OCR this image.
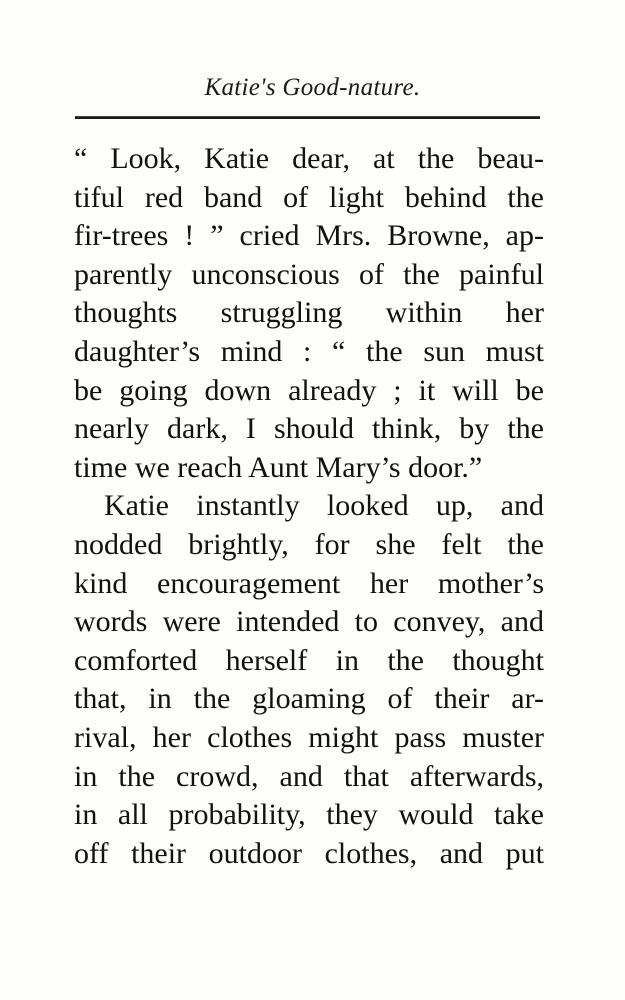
Katie's Good-nature.
“ Look, Katie dear, at the beau-
tiful red band of light behind the
fir-trees ! ” cried Mrs. Browne, ap-
parently unconscious of the painful
thoughts struggling within her
daughter’s mind : “ the sun must
be going down already ; it will be
nearly dark, I should think, by the
time we reach Aunt Mary’s door.”
Katie instantly looked up, and
nodded brightly, for she felt the
kind encouragement her mother’s
words were intended to convey, and
comforted herself in the thought
that, in the gloaming of their ar-
rival, her clothes might pass muster
in the crowd, and that afterwards,
in all probability, they would take
off their outdoor clothes, and put
